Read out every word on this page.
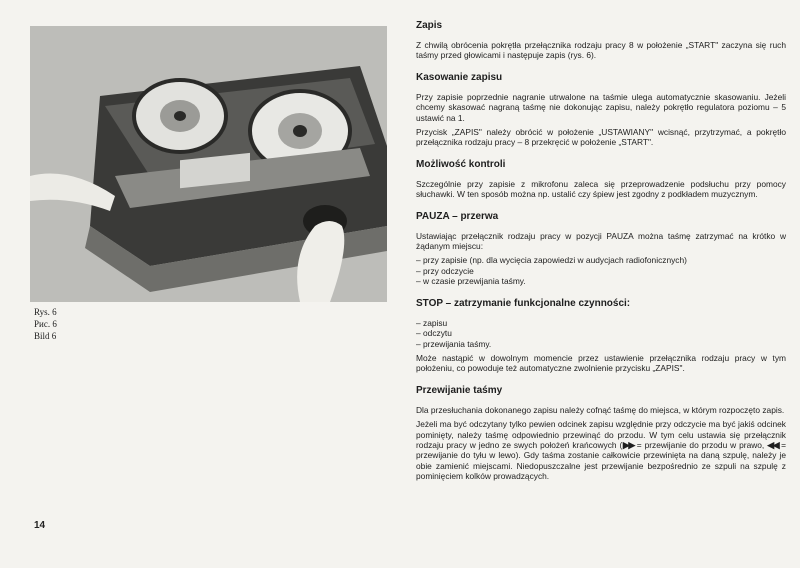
Rys. 6
Рис. 6
Bild 6
14
Zapis

Z chwilą obrócenia pokrętła przełącznika rodzaju pracy 8 w położenie „START" zaczyna się ruch taśmy przed głowicami i następuje zapis (rys. 6).

Kasowanie zapisu

Przy zapisie poprzednie nagranie utrwalone na taśmie ulega automatycznie skasowaniu. Jeżeli chcemy skasować nagraną taśmę nie dokonując zapisu, należy pokrętło regulatora poziomu – 5 ustawić na 1.

Przycisk „ZAPIS" należy obrócić w położenie „USTAWIANY" wcisnąć, przytrzymać, a pokrętło przełącznika rodzaju pracy – 8 przekręcić w położenie „START".

Możliwość kontroli

Szczególnie przy zapisie z mikrofonu zaleca się przeprowadzenie podsłuchu przy pomocy słuchawki. W ten sposób można np. ustalić czy śpiew jest zgodny z podkładem muzycznym.

PAUZA – przerwa

Ustawiając przełącznik rodzaju pracy w pozycji PAUZA można taśmę zatrzymać na krótko w żądanym miejscu:

– przy zapisie (np. dla wycięcia zapowiedzi w audycjach radiofonicznych)
– przy odczycie
– w czasie przewijania taśmy.
STOP – zatrzymanie funkcjonalne czynności:
– zapisu
– odczytu
– przewijania taśmy.

Może nastąpić w dowolnym momencie przez ustawienie przełącznika rodzaju pracy w tym położeniu, co powoduje też automatyczne zwolnienie przycisku „ZAPIS".

Przewijanie taśmy

Dla przesłuchania dokonanego zapisu należy cofnąć taśmę do miejsca, w którym rozpoczęto zapis.

Jeżeli ma być odczytany tylko pewien odcinek zapisu względnie przy odczycie ma być jakiś odcinek pominięty, należy taśmę odpowiednio przewinąć do przodu. W tym celu ustawia się przełącznik rodzaju pracy w jedno ze swych położeń krańcowych (▶▶ = przewijanie do przodu w prawo, ◀◀ = przewijanie do tyłu w lewo). Gdy taśma zostanie całkowicie przewinięta na daną szpulę, należy je obie zamienić miejscami. Niedopuszczalne jest przewijanie bezpośrednio ze szpuli na szpulę z pominięciem kolków prowadzących.
